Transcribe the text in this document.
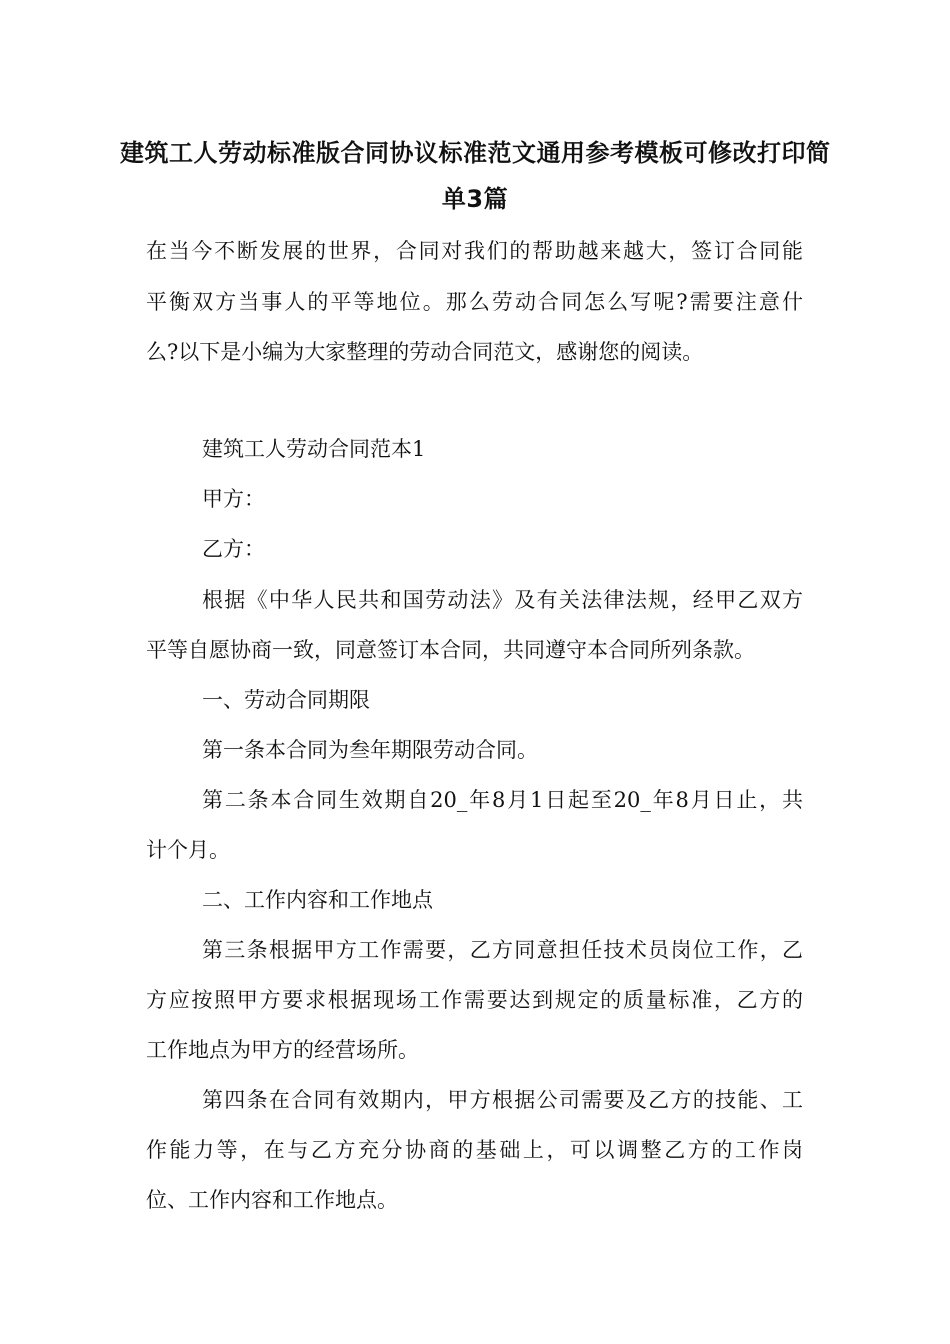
建筑工人劳动标准版合同协议标准范文通用参考模板可修改打印简
单3篇
在当今不断发展的世界，合同对我们的帮助越来越大，签订合同能
平衡双方当事人的平等地位。那么劳动合同怎么写呢?需要注意什
么?以下是小编为大家整理的劳动合同范文，感谢您的阅读。
建筑工人劳动合同范本1
甲方：
乙方：
根据《中华人民共和国劳动法》及有关法律法规，经甲乙双方
平等自愿协商一致，同意签订本合同，共同遵守本合同所列条款。
一、劳动合同期限
第一条本合同为叁年期限劳动合同。
第二条本合同生效期自20_年8月1日起至20_年8月日止，共
计个月。
二、工作内容和工作地点
第三条根据甲方工作需要，乙方同意担任技术员岗位工作，乙
方应按照甲方要求根据现场工作需要达到规定的质量标准，乙方的
工作地点为甲方的经营场所。
第四条在合同有效期内，甲方根据公司需要及乙方的技能、工
作能力等，在与乙方充分协商的基础上，可以调整乙方的工作岗
位、工作内容和工作地点。
